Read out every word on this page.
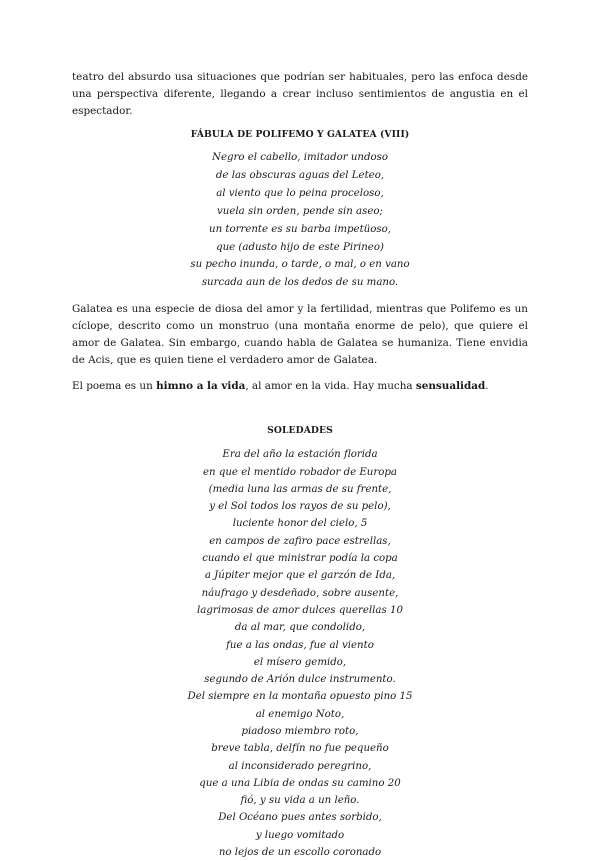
teatro del absurdo usa situaciones que podrían ser habituales, pero las enfoca desde una perspectiva diferente, llegando a crear incluso sentimientos de angustia en el espectador.

FÁBULA DE POLIFEMO Y GALATEA (VIII)
Negro el cabello, imitador undoso
de las obscuras aguas del Leteo,
al viento que lo peina proceloso,
vuela sin orden, pende sin aseo;
un torrente es su barba impetüoso,
que (adusto hijo de este Pirineo)
su pecho inunda, o tarde, o mal, o en vano
surcada aun de los dedos de su mano.

Galatea es una especie de diosa del amor y la fertilidad, mientras que Polifemo es un cíclope, descrito como un monstruo (una montaña enorme de pelo), que quiere el amor de Galatea. Sin embargo, cuando habla de Galatea se humaniza. Tiene envidia de Acis, que es quien tiene el verdadero amor de Galatea.

El poema es un himno a la vida, al amor en la vida. Hay mucha sensualidad.

SOLEDADES
Era del año la estación florida
en que el mentido robador de Europa
(media luna las armas de su frente,
y el Sol todos los rayos de su pelo),
luciente honor del cielo, 5
en campos de zafiro pace estrellas,
cuando el que ministrar podía la copa
a Júpiter mejor que el garzón de Ida,
náufrago y desdeñado, sobre ausente,
lagrimosas de amor dulces querellas 10
da al mar, que condolido,
fue a las ondas, fue al viento
el mísero gemido,
segundo de Arión dulce instrumento.
Del siempre en la montaña opuesto pino 15
al enemigo Noto,
piadoso miembro roto,
breve tabla, delfín no fue pequeño
al inconsiderado peregrino,
que a una Libia de ondas su camino 20
fió, y su vida a un leño.
Del Océano pues antes sorbido,
y luego vomitado
no lejos de un escollo coronado
